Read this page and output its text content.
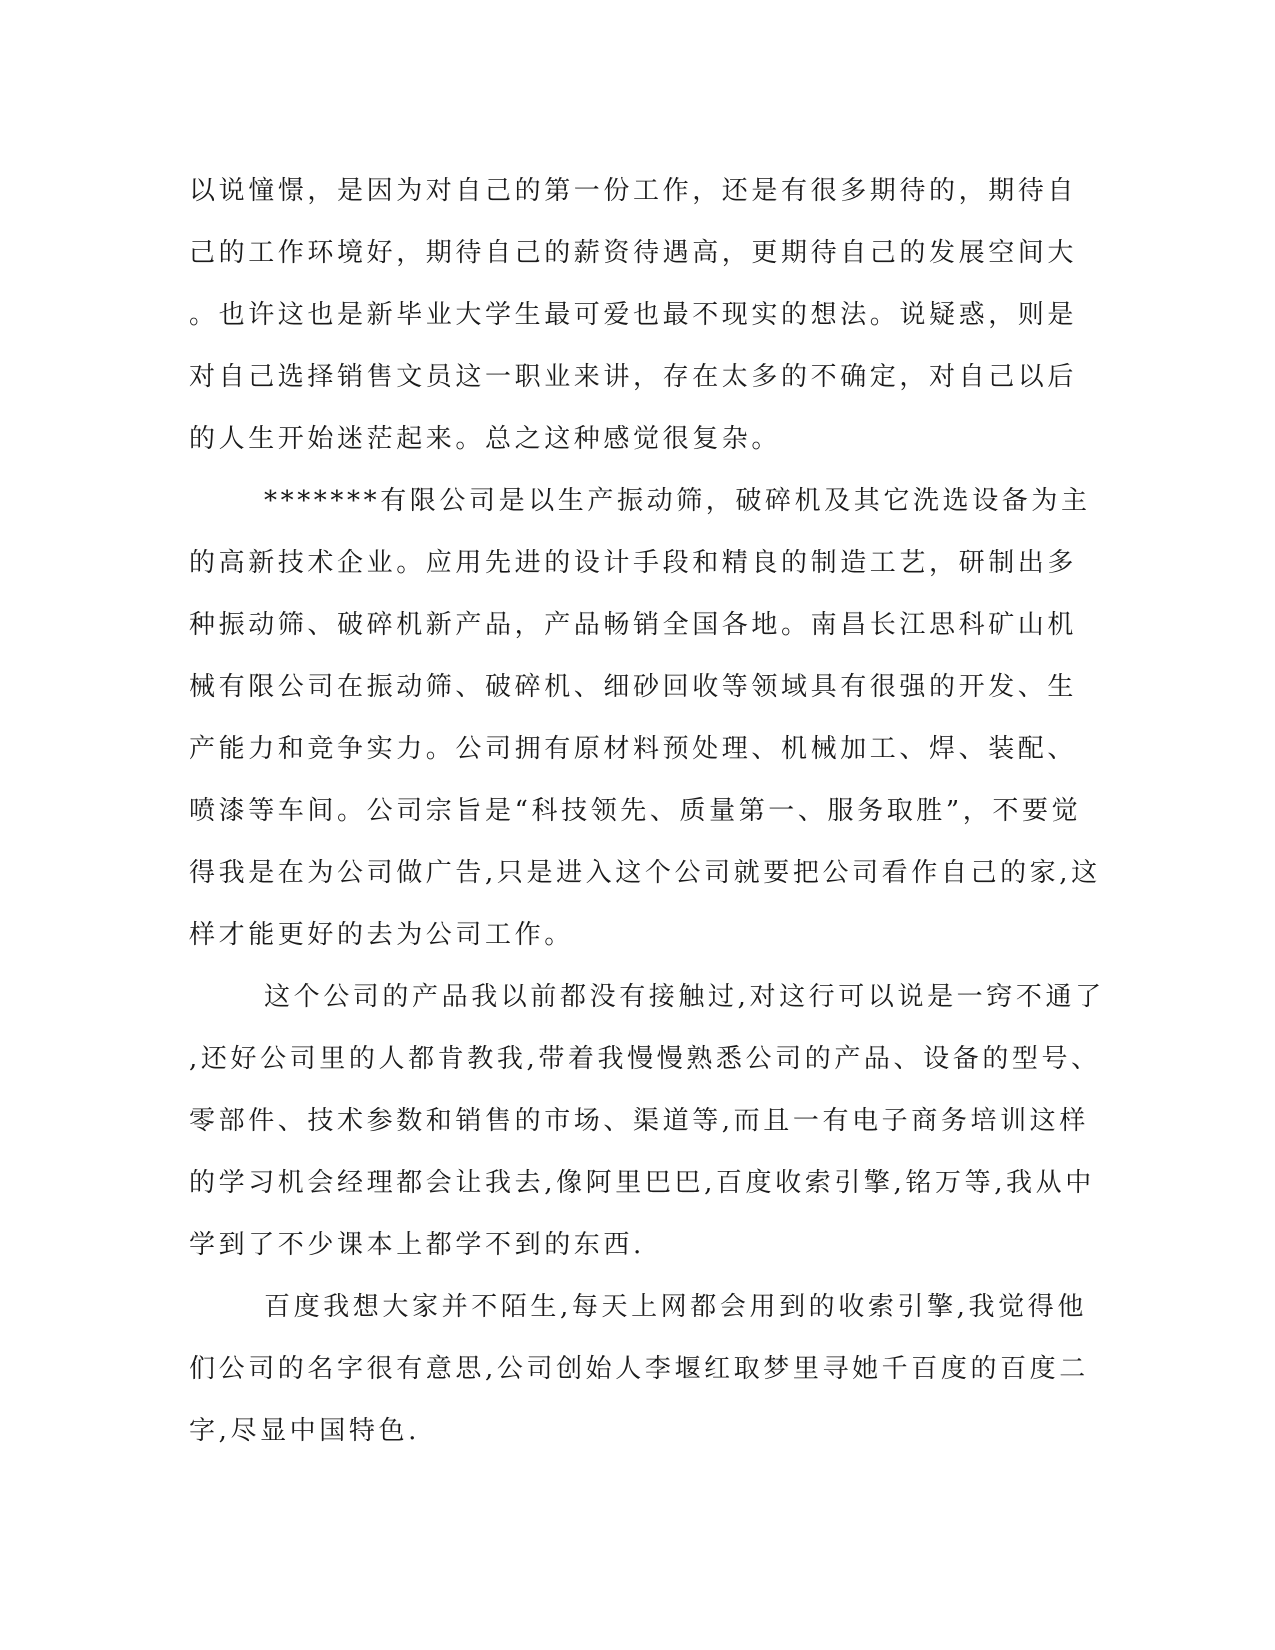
以说憧憬，是因为对自己的第一份工作，还是有很多期待的，期待自
己的工作环境好，期待自己的薪资待遇高，更期待自己的发展空间大
。也许这也是新毕业大学生最可爱也最不现实的想法。说疑惑，则是
对自己选择销售文员这一职业来讲，存在太多的不确定，对自己以后
的人生开始迷茫起来。总之这种感觉很复杂。
*******有限公司是以生产振动筛，破碎机及其它洗选设备为主
的高新技术企业。应用先进的设计手段和精良的制造工艺，研制出多
种振动筛、破碎机新产品，产品畅销全国各地。南昌长江思科矿山机
械有限公司在振动筛、破碎机、细砂回收等领域具有很强的开发、生
产能力和竞争实力。公司拥有原材料预处理、机械加工、焊、装配、
喷漆等车间。公司宗旨是“科技领先、质量第一、服务取胜”，不要觉
得我是在为公司做广告,只是进入这个公司就要把公司看作自己的家,这
样才能更好的去为公司工作。
这个公司的产品我以前都没有接触过,对这行可以说是一窍不通了
,还好公司里的人都肯教我,带着我慢慢熟悉公司的产品、设备的型号、
零部件、技术参数和销售的市场、渠道等,而且一有电子商务培训这样
的学习机会经理都会让我去,像阿里巴巴,百度收索引擎,铭万等,我从中
学到了不少课本上都学不到的东西.
百度我想大家并不陌生,每天上网都会用到的收索引擎,我觉得他
们公司的名字很有意思,公司创始人李堰红取梦里寻她千百度的百度二
字,尽显中国特色.
